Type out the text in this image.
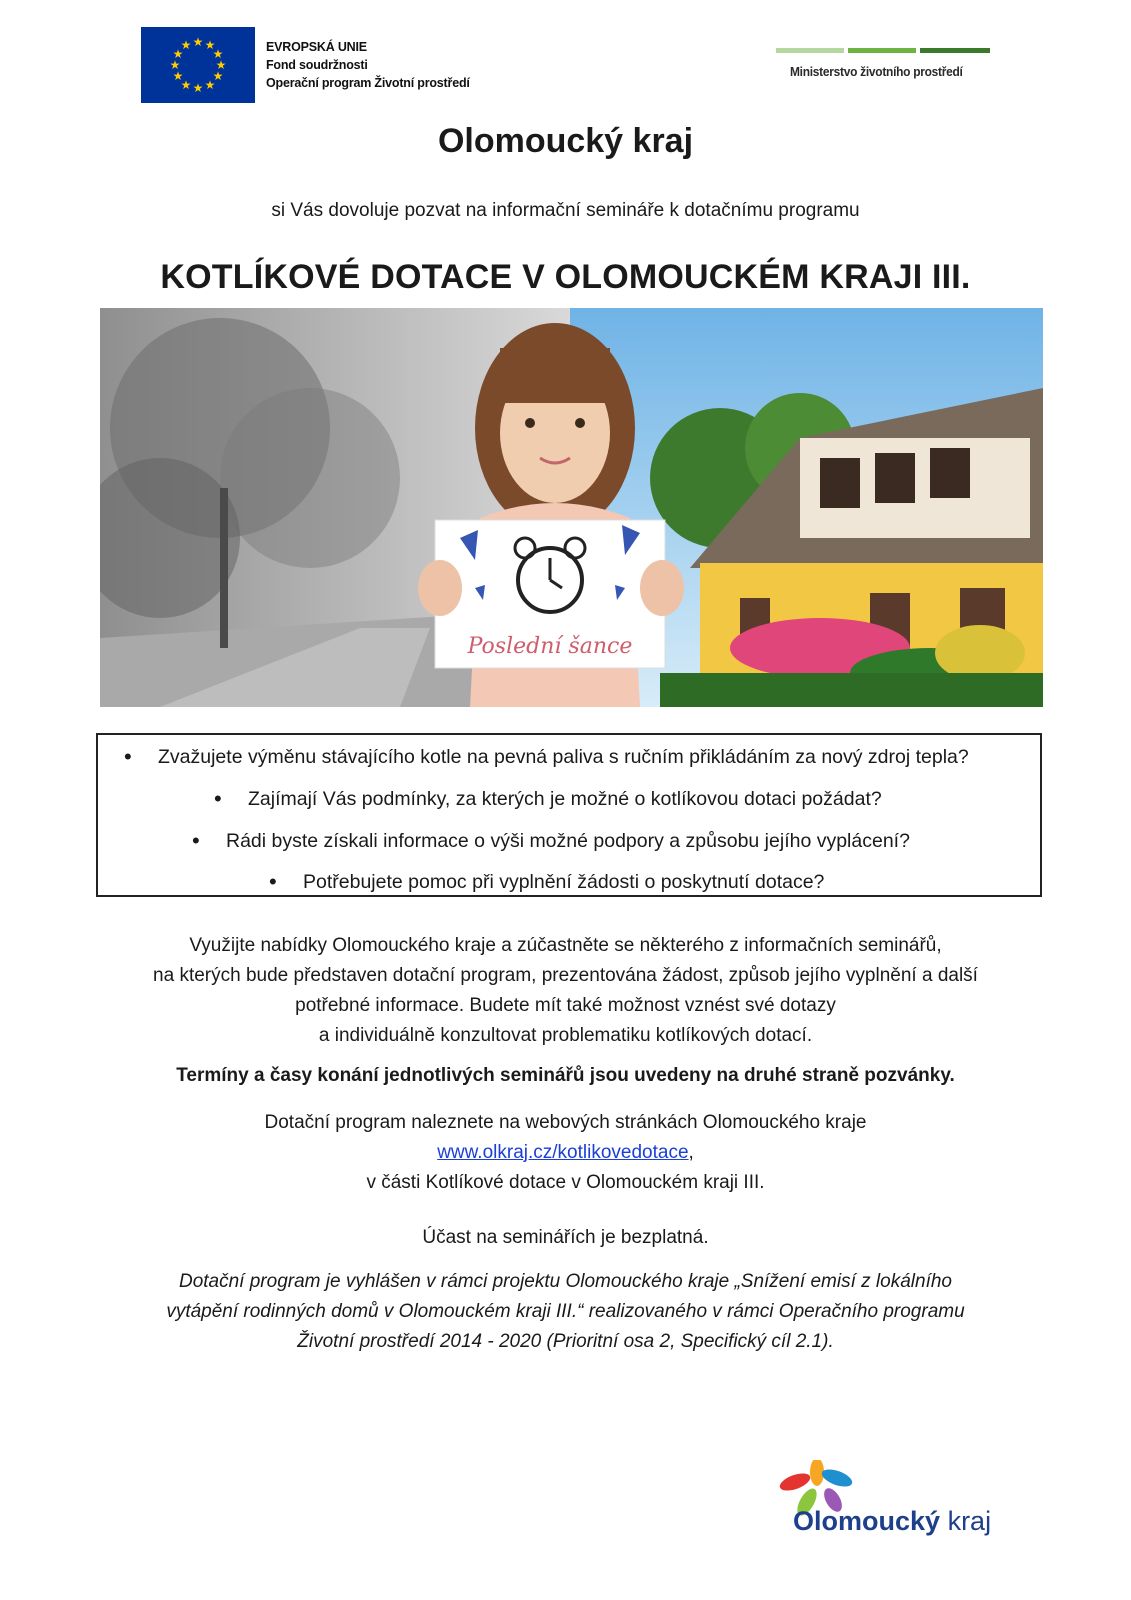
★ ★
★
★
★
★
★
★
★
★
★
★	EVROPSKÁ UNIE
Fond soudržnosti
Operační program Životní prostředí
Ministerstvo životního prostředí
Olomoucký kraj
si Vás dovoluje pozvat na informační semináře k dotačnímu programu
KOTLÍKOVÉ DOTACE V OLOMOUCKÉM KRAJI III.
Poslední šance
• Zvažujete výměnu stávajícího kotle na pevná paliva s ručním přikládáním za nový zdroj tepla?
• Zajímají Vás podmínky, za kterých je možné o kotlíkovou dotaci požádat?
• Rádi byste získali informace o výši možné podpory a způsobu jejího vyplácení?
• Potřebujete pomoc při vyplnění žádosti o poskytnutí dotace?
Využijte nabídky Olomouckého kraje a zúčastněte se některého z informačních seminářů,
na kterých bude představen dotační program, prezentována žádost, způsob jejího vyplnění a další
potřebné informace. Budete mít také možnost vznést své dotazy
a individuálně konzultovat problematiku kotlíkových dotací.
Termíny a časy konání jednotlivých seminářů jsou uvedeny na druhé straně pozvánky.
Dotační program naleznete na webových stránkách Olomouckého kraje
www.olkraj.cz/kotlikovedotace,
v části Kotlíkové dotace v Olomouckém kraji III.
Účast na seminářích je bezplatná.
Dotační program je vyhlášen v rámci projektu Olomouckého kraje „Snížení emisí z lokálního
vytápění rodinných domů v Olomouckém kraji III.“ realizovaného v rámci Operačního programu
Životní prostředí 2014 - 2020 (Prioritní osa 2, Specifický cíl 2.1).
Olomoucký kraj
